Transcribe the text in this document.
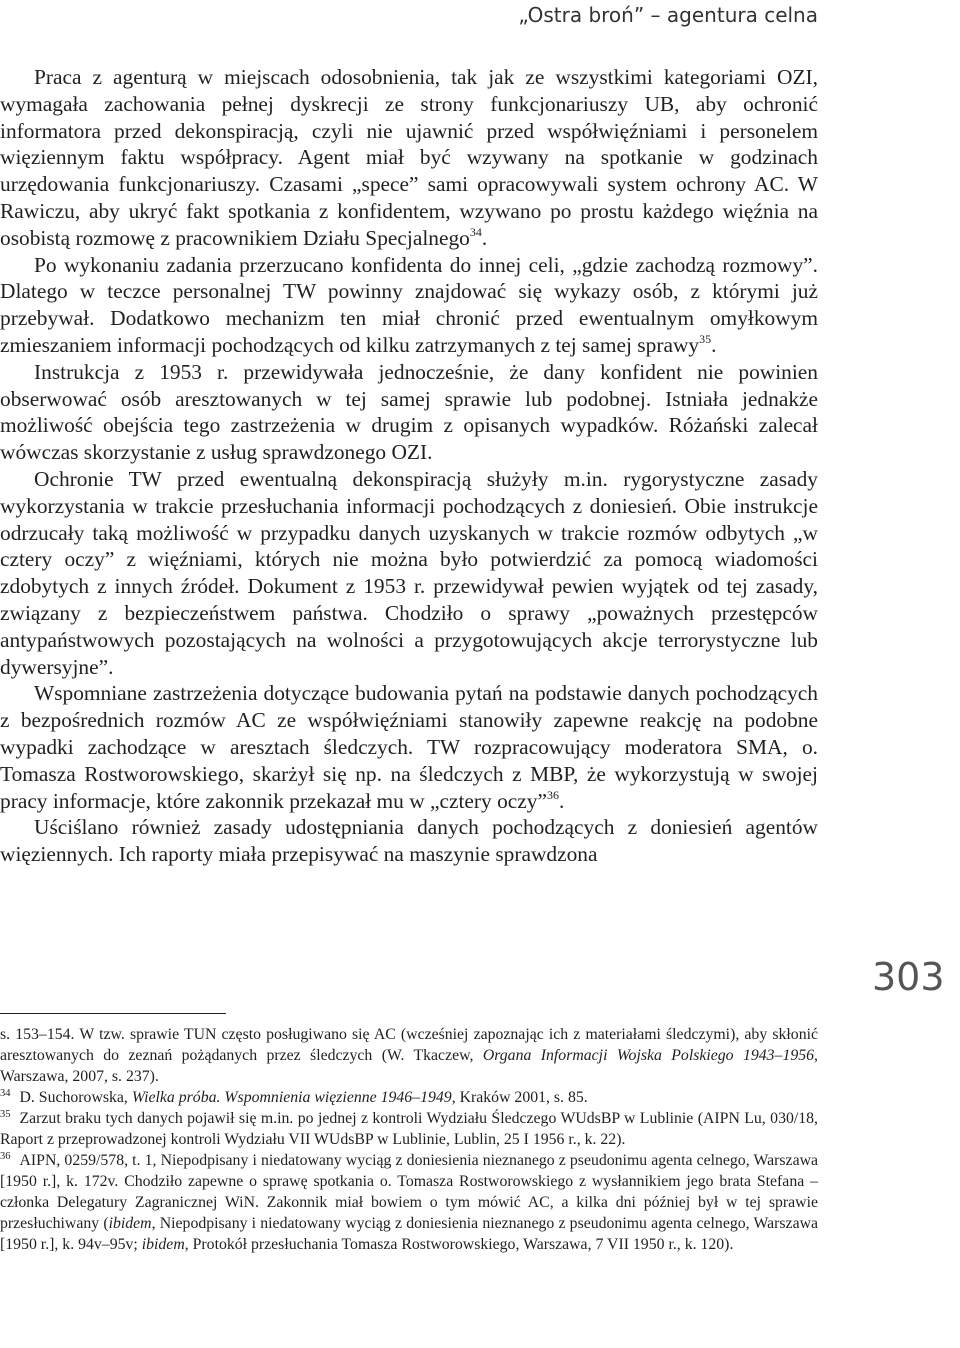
„Ostra broń” – agentura celna

Praca z agenturą w miejscach odosobnienia, tak jak ze wszystkimi kategoriami OZI, wymagała zachowania pełnej dyskrecji ze strony funkcjonariuszy UB, aby ochronić informatora przed dekonspiracją, czyli nie ujawnić przed współwięźniami i personelem więziennym faktu współpracy. Agent miał być wzywany na spotkanie w godzinach urzędowania funkcjonariuszy. Czasami „spece” sami opracowywali system ochrony AC. W Rawiczu, aby ukryć fakt spotkania z konfidentem, wzywano po prostu każdego więźnia na osobistą rozmowę z pracownikiem Działu Specjalnego$^{34}$.

Po wykonaniu zadania przerzucano konfidenta do innej celi, „gdzie zachodzą rozmowy”. Dlatego w teczce personalnej TW powinny znajdować się wykazy osób, z którymi już przebywał. Dodatkowo mechanizm ten miał chronić przed ewentualnym omyłkowym zmieszaniem informacji pochodzących od kilku zatrzymanych z tej samej sprawy$^{35}$.

Instrukcja z 1953 r. przewidywała jednocześnie, że dany konfident nie powinien obserwować osób aresztowanych w tej samej sprawie lub podobnej. Istniała jednakże możliwość obejścia tego zastrzeżenia w drugim z opisanych wypadków. Różański zalecał wówczas skorzystanie z usług sprawdzonego OZI.

Ochronie TW przed ewentualną dekonspiracją służyły m.in. rygorystyczne zasady wykorzystania w trakcie przesłuchania informacji pochodzących z doniesień. Obie instrukcje odrzucały taką możliwość w przypadku danych uzyskanych w trakcie rozmów odbytych „w cztery oczy” z więźniami, których nie można było potwierdzić za pomocą wiadomości zdobytych z innych źródeł. Dokument z 1953 r. przewidywał pewien wyjątek od tej zasady, związany z bezpieczeństwem państwa. Chodziło o sprawy „poważnych przestępców antypaństwowych pozostających na wolności a przygotowujących akcje terrorystyczne lub dywersyjne”.

Wspomniane zastrzeżenia dotyczące budowania pytań na podstawie danych pochodzących z bezpośrednich rozmów AC ze współwięźniami stanowiły zapewne reakcję na podobne wypadki zachodzące w aresztach śledczych. TW rozpracowujący moderatora SMA, o. Tomasza Rostworowskiego, skarżył się np. na śledczych z MBP, że wykorzystują w swojej pracy informacje, które zakonnik przekazał mu w „cztery oczy”$^{36}$.

Uściślano również zasady udostępniania danych pochodzących z doniesień agentów więziennych. Ich raporty miała przepisywać na maszynie sprawdzona

303

s. 153–154. W tzw. sprawie TUN często posługiwano się AC (wcześniej zapoznając ich z materiałami śledczymi), aby skłonić aresztowanych do zeznań pożądanych przez śledczych (W. Tkaczew, Organa Informacji Wojska Polskiego 1943–1956, Warszawa, 2007, s. 237).

$^{34}$ D. Suchorowska, Wielka próba. Wspomnienia więzienne 1946–1949, Kraków 2001, s. 85.

$^{35}$ Zarzut braku tych danych pojawił się m.in. po jednej z kontroli Wydziału Śledczego WUdsBP w Lublinie (AIPN Lu, 030/18, Raport z przeprowadzonej kontroli Wydziału VII WUdsBP w Lublinie, Lublin, 25 I 1956 r., k. 22).

$^{36}$ AIPN, 0259/578, t. 1, Niepodpisany i niedatowany wyciąg z doniesienia nieznanego z pseudonimu agenta celnego, Warszawa [1950 r.], k. 172v. Chodziło zapewne o sprawę spotkania o. Tomasza Rostworowskiego z wysłannikiem jego brata Stefana – członka Delegatury Zagranicznej WiN. Zakonnik miał bowiem o tym mówić AC, a kilka dni później był w tej sprawie przesłuchiwany (ibidem, Niepodpisany i niedatowany wyciąg z doniesienia nieznanego z pseudonimu agenta celnego, Warszawa [1950 r.], k. 94v–95v; ibidem, Protokół przesłuchania Tomasza Rostworowskiego, Warszawa, 7 VII 1950 r., k. 120).
